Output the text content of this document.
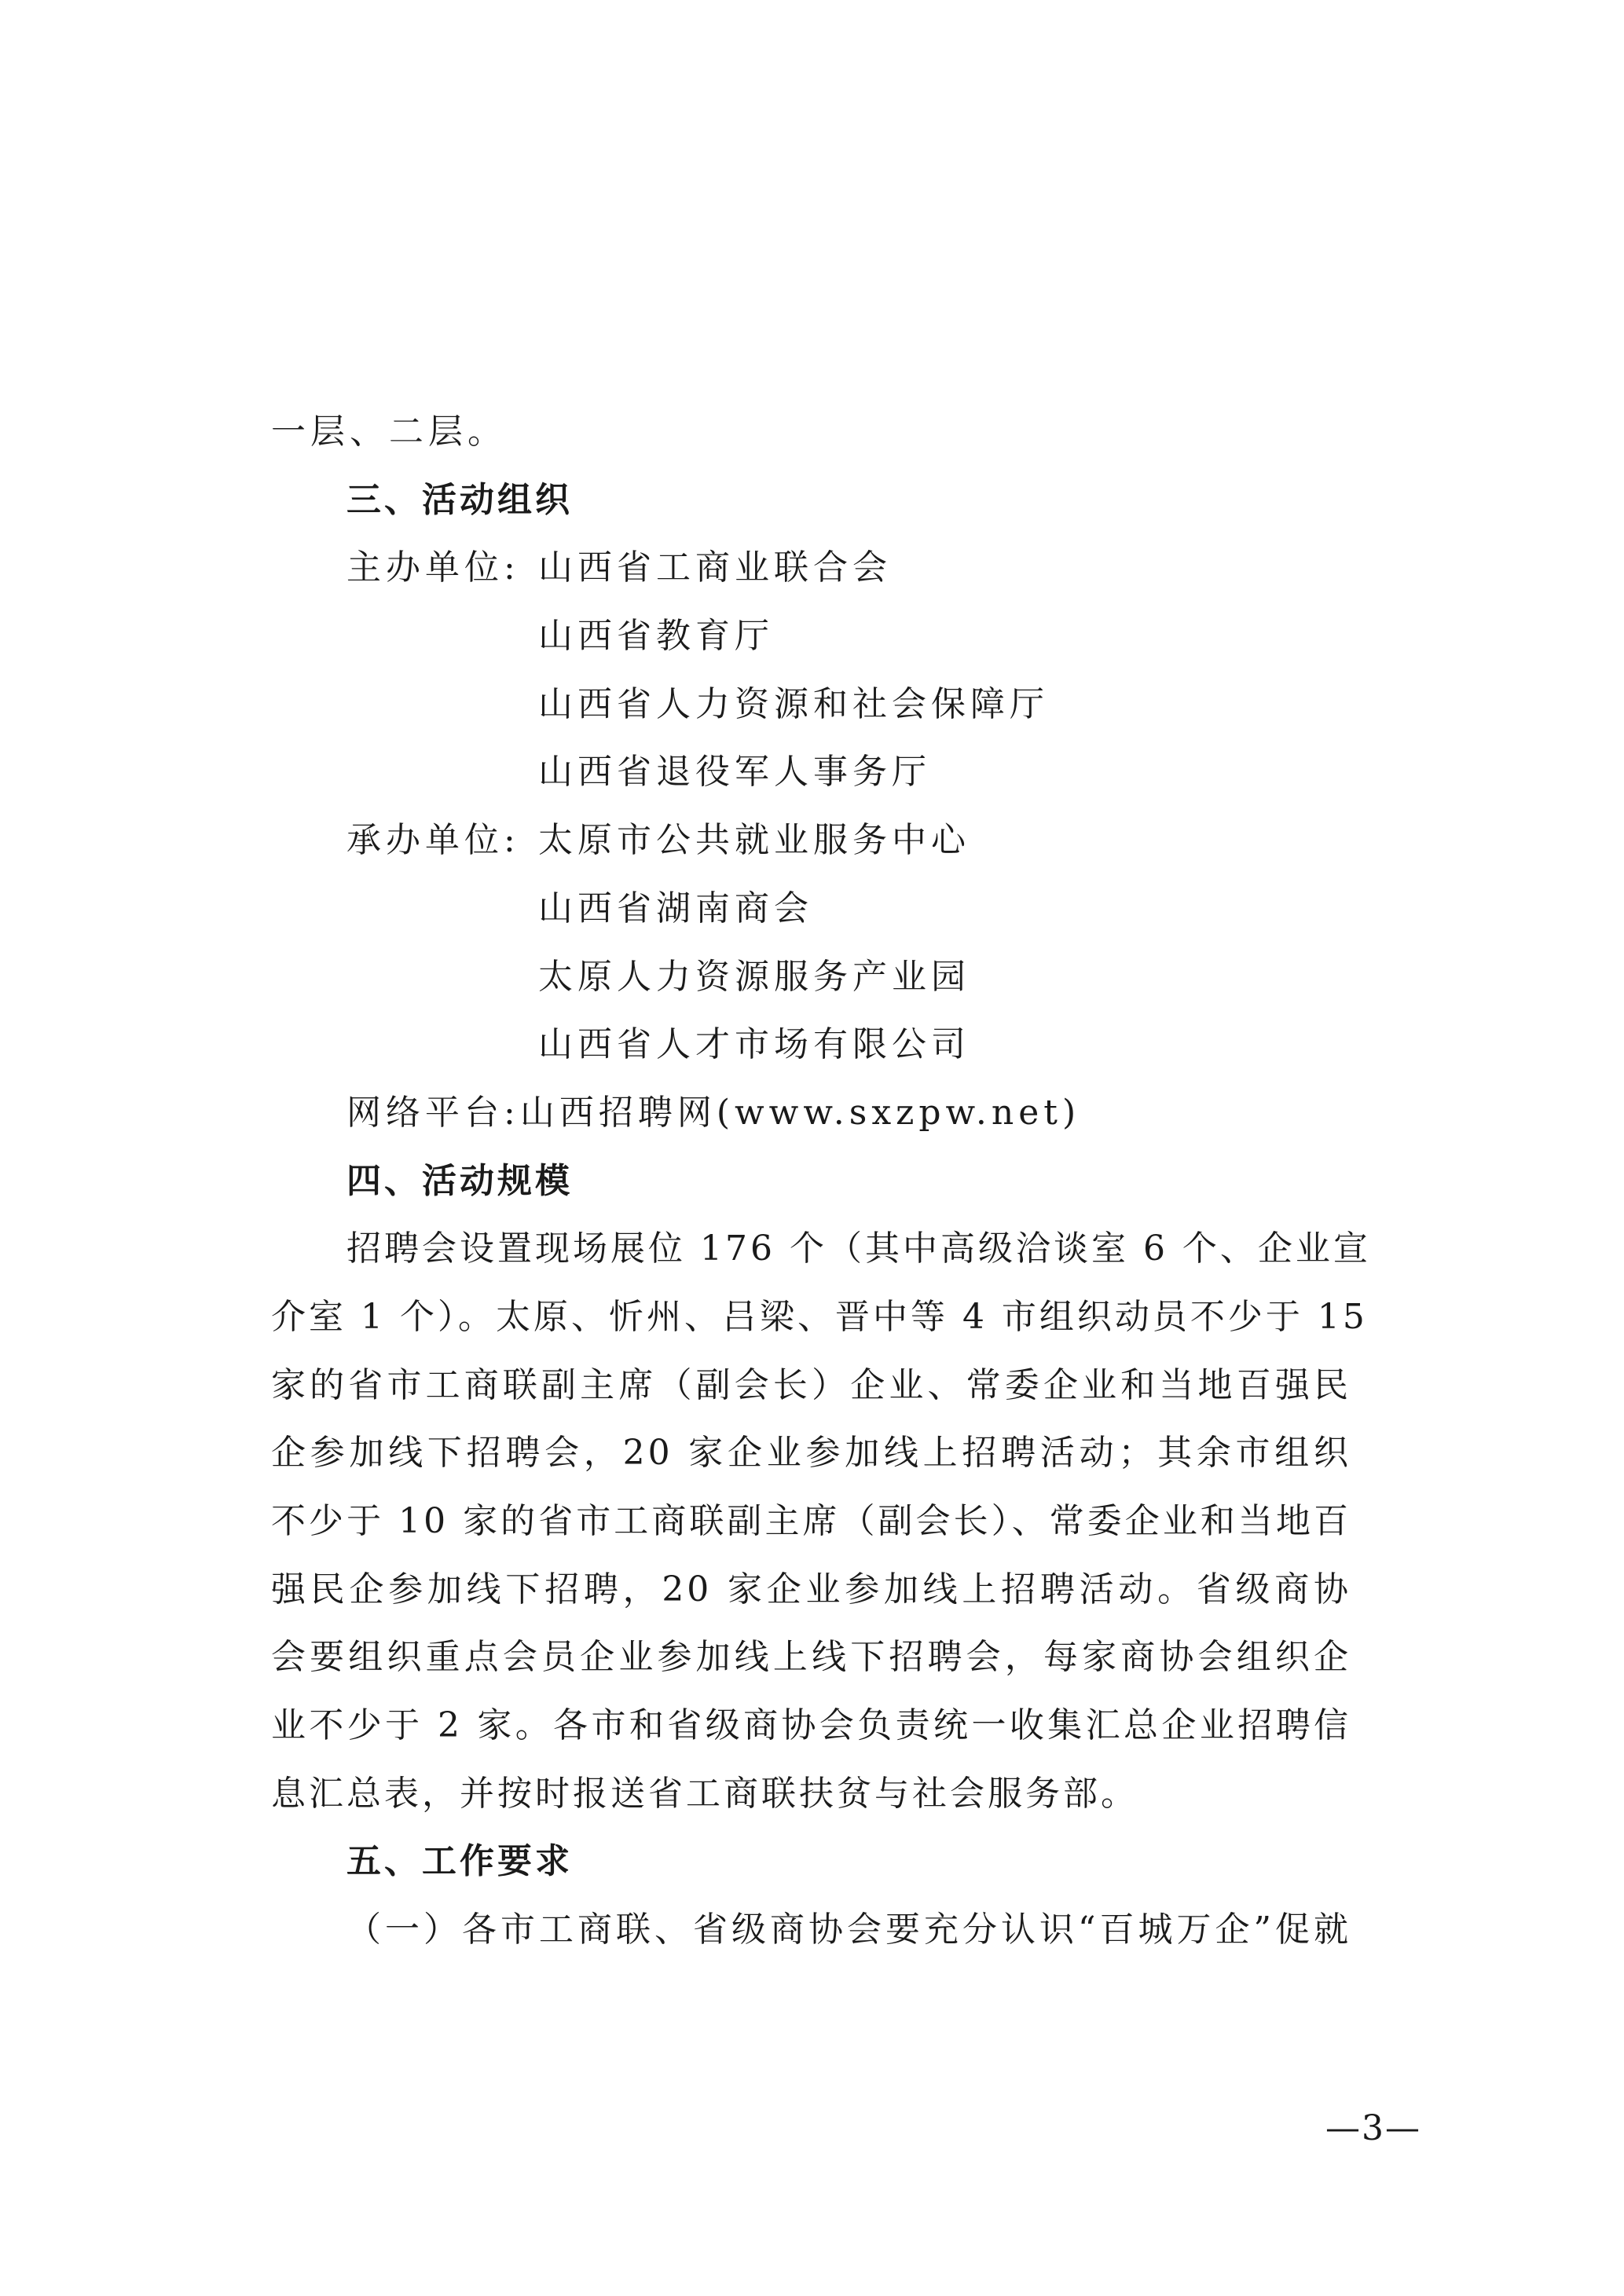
一层、二层。
三、活动组织
主办单位: 山西省工商业联合会
山西省教育厅
山西省人力资源和社会保障厅
山西省退役军人事务厅
承办单位: 太原市公共就业服务中心
山西省湖南商会
太原人力资源服务产业园
山西省人才市场有限公司
网络平台:山西招聘网(www.sxzpw.net)
四、活动规模
招聘会设置现场展位 176 个（其中高级洽谈室 6 个、企业宣
介室 1 个）。太原、忻州、吕梁、晋中等 4 市组织动员不少于 15
家的省市工商联副主席（副会长）企业、常委企业和当地百强民
企参加线下招聘会，20 家企业参加线上招聘活动；其余市组织
不少于 10 家的省市工商联副主席（副会长）、常委企业和当地百
强民企参加线下招聘，20 家企业参加线上招聘活动。省级商协
会要组织重点会员企业参加线上线下招聘会，每家商协会组织企
业不少于 2 家。各市和省级商协会负责统一收集汇总企业招聘信
息汇总表，并按时报送省工商联扶贫与社会服务部。
五、工作要求
（一）各市工商联、省级商协会要充分认识“百城万企”促就
—3—
